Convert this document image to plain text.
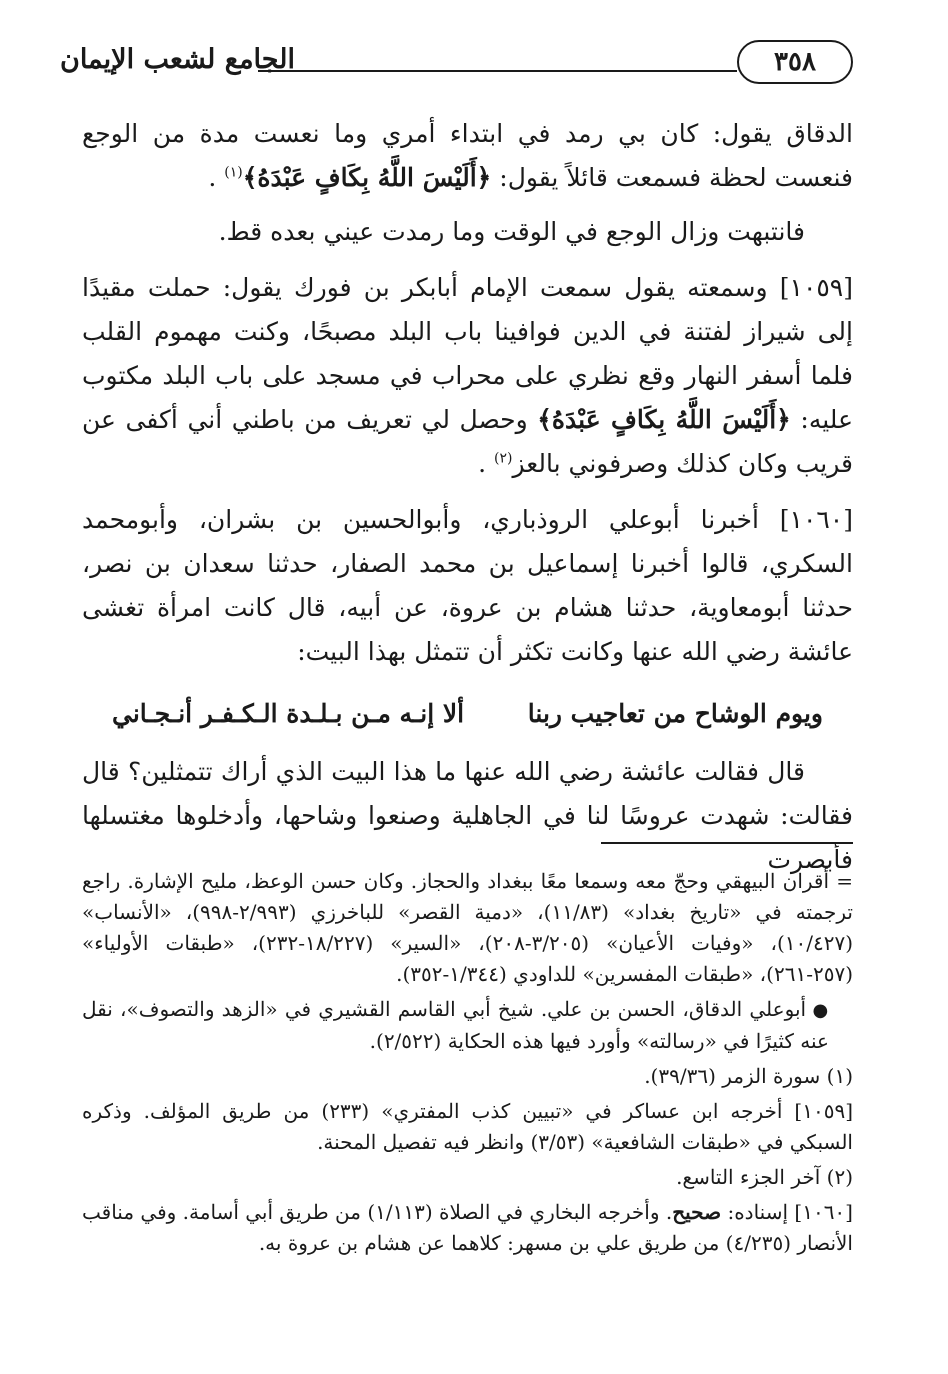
٣٥٨
الجامع لشعب الإيمان

الدقاق يقول: كان بي رمد في ابتداء أمري وما نعست مدة من الوجع فنعست لحظة فسمعت قائلاً يقول: ﴿أَلَيْسَ اللَّهُ بِكَافٍ عَبْدَهُ﴾$^{(١)}$ .

فانتبهت وزال الوجع في الوقت وما رمدت عيني بعده قط.

[١٠٥٩] وسمعته يقول سمعت الإمام أبابكر بن فورك يقول: حملت مقيدًا إلى شيراز لفتنة في الدين فوافينا باب البلد مصبحًا، وكنت مهموم القلب فلما أسفر النهار وقع نظري على محراب في مسجد على باب البلد مكتوب عليه: ﴿أَلَيْسَ اللَّهُ بِكَافٍ عَبْدَهُ﴾ وحصل لي تعريف من باطني أني أكفى عن قريب وكان كذلك وصرفوني بالعز$^{(٢)}$ .

[١٠٦٠] أخبرنا أبوعلي الروذباري، وأبوالحسين بن بشران، وأبومحمد السكري، قالوا أخبرنا إسماعيل بن محمد الصفار، حدثنا سعدان بن نصر، حدثنا أبومعاوية، حدثنا هشام بن عروة، عن أبيه، قال كانت امرأة تغشى عائشة رضي الله عنها وكانت تكثر أن تتمثل بهذا البيت:

ويوم الوشاح من تعاجيب ربنا
ألا إنـه مـن بـلـدة الـكـفـر أنـجـاني

قال فقالت عائشة رضي الله عنها ما هذا البيت الذي أراك تتمثلين؟ قال فقالت: شهدت عروسًا لنا في الجاهلية وصنعوا وشاحها، وأدخلوها مغتسلها فأبصرت

= أقران البيهقي وحجّ معه وسمعا معًا ببغداد والحجاز. وكان حسن الوعظ، مليح الإشارة. راجع ترجمته في «تاريخ بغداد» (١١/٨٣)، «دمية القصر» للباخرزي (٢/٩٩٣-٩٩٨)، «الأنساب» (١٠/٤٢٧)، «وفيات الأعيان» (٣/٢٠٥-٢٠٨)، «السير» (١٨/٢٢٧-٢٣٢)، «طبقات الأولياء» (٢٥٧-٢٦١)، «طبقات المفسرين» للداودي (١/٣٤٤-٣٥٢).

● أبوعلي الدقاق، الحسن بن علي. شيخ أبي القاسم القشيري في «الزهد والتصوف»، نقل عنه كثيرًا في «رسالته» وأورد فيها هذه الحكاية (٢/٥٢٢).

(١) سورة الزمر (٣٩/٣٦).

[١٠٥٩] أخرجه ابن عساكر في «تبيين كذب المفتري» (٢٣٣) من طريق المؤلف. وذكره السبكي في «طبقات الشافعية» (٣/٥٣) وانظر فيه تفصيل المحنة.

(٢) آخر الجزء التاسع.

[١٠٦٠] إسناده: صحيح. وأخرجه البخاري في الصلاة (١/١١٣) من طريق أبي أسامة. وفي مناقب الأنصار (٤/٢٣٥) من طريق علي بن مسهر: كلاهما عن هشام بن عروة به.
